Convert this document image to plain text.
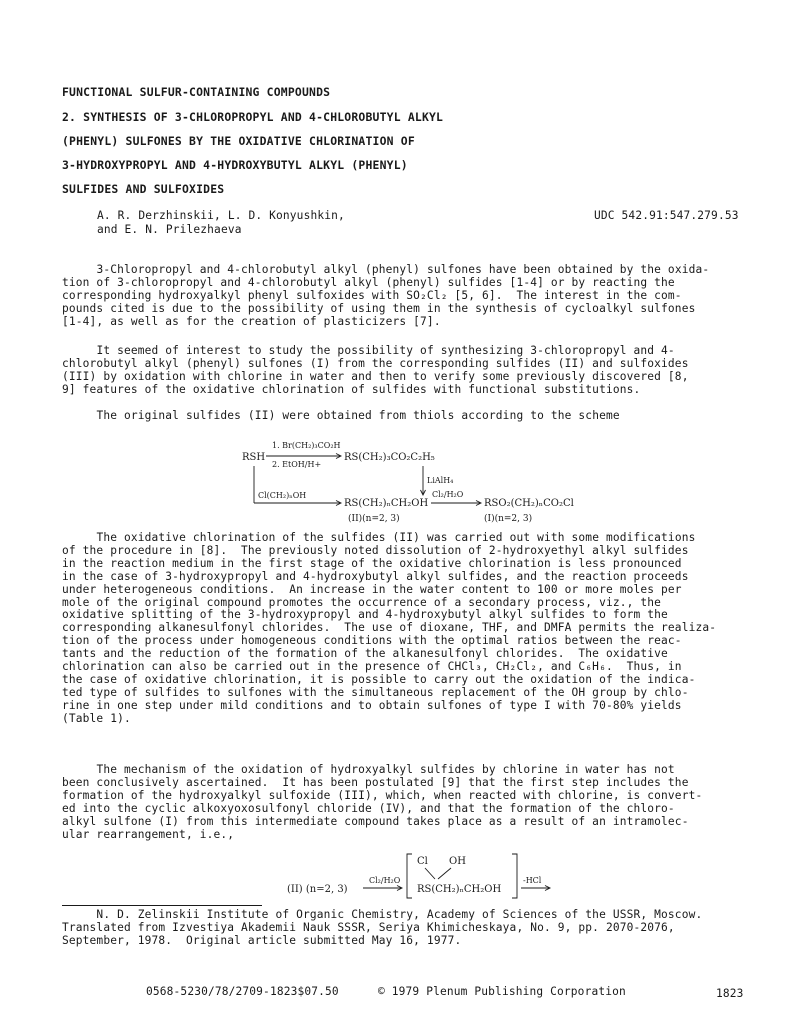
FUNCTIONAL SULFUR-CONTAINING COMPOUNDS
2. SYNTHESIS OF 3-CHLOROPROPYL AND 4-CHLOROBUTYL ALKYL
(PHENYL) SULFONES BY THE OXIDATIVE CHLORINATION OF
3-HYDROXYPROPYL AND 4-HYDROXYBUTYL ALKYL (PHENYL)
SULFIDES AND SULFOXIDES
A. R. Derzhinskii, L. D. Konyushkin,
and E. N. Prilezhaeva
UDC 542.91:547.279.53
3-Chloropropyl and 4-chlorobutyl alkyl (phenyl) sulfones have been obtained by the oxida-
tion of 3-chloropropyl and 4-chlorobutyl alkyl (phenyl) sulfides [1-4] or by reacting the
corresponding hydroxyalkyl phenyl sulfoxides with SO₂Cl₂ [5, 6].  The interest in the com-
pounds cited is due to the possibility of using them in the synthesis of cycloalkyl sulfones
[1-4], as well as for the creation of plasticizers [7].
It seemed of interest to study the possibility of synthesizing 3-chloropropyl and 4-
chlorobutyl alkyl (phenyl) sulfones (I) from the corresponding sulfides (II) and sulfoxides
(III) by oxidation with chlorine in water and then to verify some previously discovered [8,
9] features of the oxidative chlorination of sulfides with functional substitutions.
The original sulfides (II) were obtained from thiols according to the scheme
1. Br(CH₂)₃CO₂H
RSH
2. EtOH/H+
RS(CH₂)₃CO₂C₂H₅
LiAlH₄
Cl(CH₂)ₙOH
RS(CH₂)ₙCH₂OH
Cl₂/H₂O
RSO₂(CH₂)ₙCO₂Cl
(II)(n=2, 3)	(I)(n=2, 3)
The oxidative chlorination of the sulfides (II) was carried out with some modifications
of the procedure in [8].  The previously noted dissolution of 2-hydroxyethyl alkyl sulfides
in the reaction medium in the first stage of the oxidative chlorination is less pronounced
in the case of 3-hydroxypropyl and 4-hydroxybutyl alkyl sulfides, and the reaction proceeds
under heterogeneous conditions.  An increase in the water content to 100 or more moles per
mole of the original compound promotes the occurrence of a secondary process, viz., the
oxidative splitting of the 3-hydroxypropyl and 4-hydroxybutyl alkyl sulfides to form the
corresponding alkanesulfonyl chlorides.  The use of dioxane, THF, and DMFA permits the realiza-
tion of the process under homogeneous conditions with the optimal ratios between the reac-
tants and the reduction of the formation of the alkanesulfonyl chlorides.  The oxidative
chlorination can also be carried out in the presence of CHCl₃, CH₂Cl₂, and C₆H₆.  Thus, in
the case of oxidative chlorination, it is possible to carry out the oxidation of the indica-
ted type of sulfides to sulfones with the simultaneous replacement of the OH group by chlo-
rine in one step under mild conditions and to obtain sulfones of type I with 70-80% yields
(Table 1).
The mechanism of the oxidation of hydroxyalkyl sulfides by chlorine in water has not
been conclusively ascertained.  It has been postulated [9] that the first step includes the
formation of the hydroxyalkyl sulfoxide (III), which, when reacted with chlorine, is convert-
ed into the cyclic alkoxyoxosulfonyl chloride (IV), and that the formation of the chloro-
alkyl sulfone (I) from this intermediate compound takes place as a result of an intramolec-
ular rearrangement, i.e.,
(II) (n=2, 3)
Cl₂/H₂O
Cl OH
RS(CH₂)ₙCH₂OH
-HCl
N. D. Zelinskii Institute of Organic Chemistry, Academy of Sciences of the USSR, Moscow.
Translated from Izvestiya Akademii Nauk SSSR, Seriya Khimicheskaya, No. 9, pp. 2070-2076,
September, 1978.  Original article submitted May 16, 1977.
0568-5230/78/2709-1823$07.50	© 1979 Plenum Publishing Corporation	1823
